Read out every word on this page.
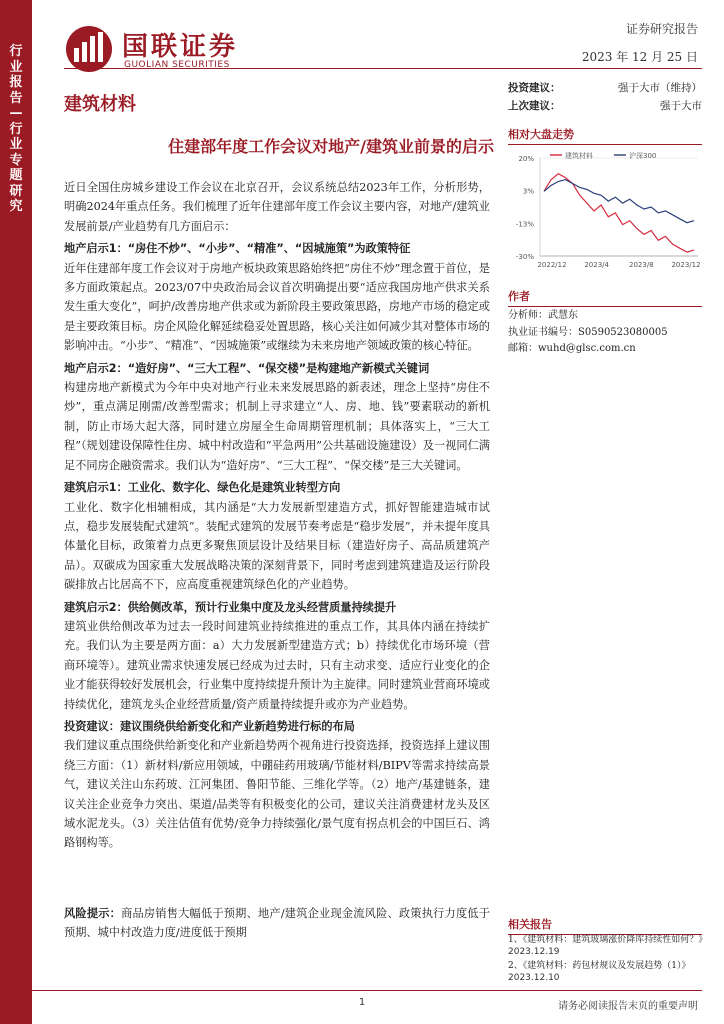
行业报告—行业专题研究
国联证券
GUOLIAN SECURITIES
证券研究报告
2023 年 12 月 25 日
建筑材料
住建部年度工作会议对地产/建筑业前景的启示
投资建议：	强于大市（维持）
上次建议：	强于大市
相对大盘走势
20%
3%
-13%
-30%
2022/12	2023/4	2023/8	2023/12
建筑材料	沪深300
作者
分析师：武慧东
执业证书编号：S0590523080005
邮箱：wuhd@glsc.com.cn
相关报告
1、《建筑材料：建筑玻璃涨价降库持续性如何？》
2023.12.19
2、《建筑材料：药包材规议及发展趋势（1）》
2023.12.10

近日全国住房城乡建设工作会议在北京召开，会议系统总结2023年工作，分析形势，明确2024年重点任务。我们梳理了近年住建部年度工作会议主要内容，对地产/建筑业发展前景/产业趋势有几方面启示：

地产启示1：“房住不炒”、“小步”、“精准”、“因城施策”为政策特征

近年住建部年度工作会议对于房地产板块政策思路始终把“房住不炒”理念置于首位，是多方面政策起点。2023/07中央政治局会议首次明确提出要“适应我国房地产供求关系发生重大变化”，呵护/改善房地产供求或为新阶段主要政策思路，房地产市场的稳定或是主要政策目标。房企风险化解延续稳妥处置思路，核心关注如何减少其对整体市场的影响冲击。“小步”、“精准”、“因城施策”或继续为未来房地产领域政策的核心特征。

地产启示2：“造好房”、“三大工程”、“保交楼”是构建地产新模式关键词

构建房地产新模式为今年中央对地产行业未来发展思路的新表述，理念上坚持“房住不炒”，重点满足刚需/改善型需求；机制上寻求建立“人、房、地、钱”要素联动的新机制，防止市场大起大落，同时建立房屋全生命周期管理机制；具体落实上，“三大工程”（规划建设保障性住房、城中村改造和“平急两用”公共基础设施建设）及一视同仁满足不同房企融资需求。我们认为“造好房”、“三大工程”、“保交楼”是三大关键词。

建筑启示1：工业化、数字化、绿色化是建筑业转型方向

工业化、数字化相辅相成，其内涵是“大力发展新型建造方式，抓好智能建造城市试点，稳步发展装配式建筑”。装配式建筑的发展节奏考虑是“稳步发展”，并未提年度具体量化目标，政策着力点更多聚焦顶层设计及结果目标（建造好房子、高品质建筑产品）。双碳成为国家重大发展战略决策的深刻背景下，同时考虑到建筑建造及运行阶段碳排放占比居高不下，应高度重视建筑绿色化的产业趋势。

建筑启示2：供给侧改革，预计行业集中度及龙头经营质量持续提升

建筑业供给侧改革为过去一段时间建筑业持续推进的重点工作，其具体内涵在持续扩充。我们认为主要是两方面：a）大力发展新型建造方式；b）持续优化市场环境（营商环境等）。建筑业需求快速发展已经成为过去时，只有主动求变、适应行业变化的企业才能获得较好发展机会，行业集中度持续提升预计为主旋律。同时建筑业营商环境或持续优化，建筑龙头企业经营质量/资产质量持续提升或亦为产业趋势。

投资建议：建议围绕供给新变化和产业新趋势进行标的布局

我们建议重点围绕供给新变化和产业新趋势两个视角进行投资选择，投资选择上建议围绕三方面：（1）新材料/新应用领域，中硼硅药用玻璃/节能材料/BIPV等需求持续高景气，建议关注山东药玻、江河集团、鲁阳节能、三维化学等。（2）地产/基建链条，建议关注企业竞争力突出、渠道/品类等有积极变化的公司，建议关注消费建材龙头及区域水泥龙头。（3）关注估值有优势/竞争力持续强化/景气度有拐点机会的中国巨石、鸿路钢构等。

风险提示：商品房销售大幅低于预期、地产/建筑企业现金流风险、政策执行力度低于预期、城中村改造力度/进度低于预期
1	请务必阅读报告末页的重要声明
